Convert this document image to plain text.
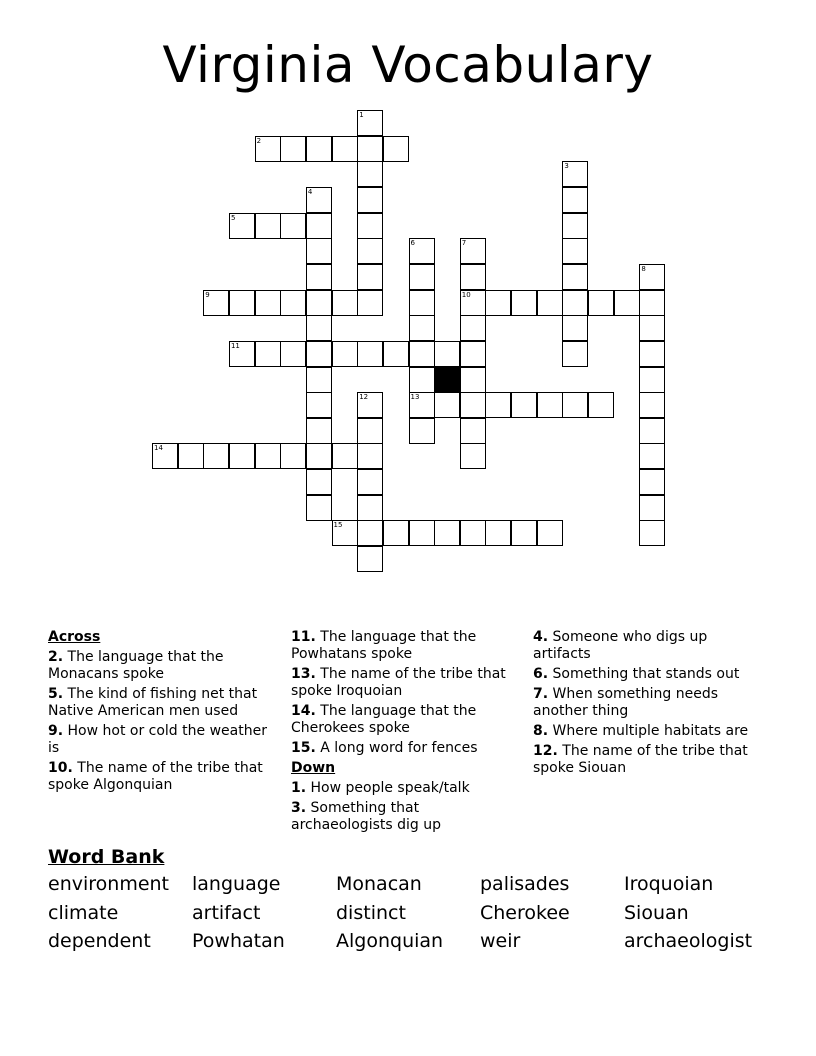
Virginia Vocabulary
1
2
3
4
5
6
13
7
10
8
9
11
12
14
15
Across
2. The language that the Monacans spoke
5. The kind of fishing net that Native American men used
9. How hot or cold the weather is
10. The name of the tribe that spoke Algonquian
11. The language that the Powhatans spoke
13. The name of the tribe that spoke Iroquoian
14. The language that the Cherokees spoke
15. A long word for fences
Down
1. How people speak/talk
3. Something that archaeologists dig up
4. Someone who digs up artifacts
6. Something that stands out
7. When something needs another thing
8. Where multiple habitats are
12. The name of the tribe that spoke Siouan
Word Bank
environment	language	Monacan	palisades	Iroquoian
climate	artifact	distinct	Cherokee	Siouan
dependent	Powhatan	Algonquian	weir	archaeologist
